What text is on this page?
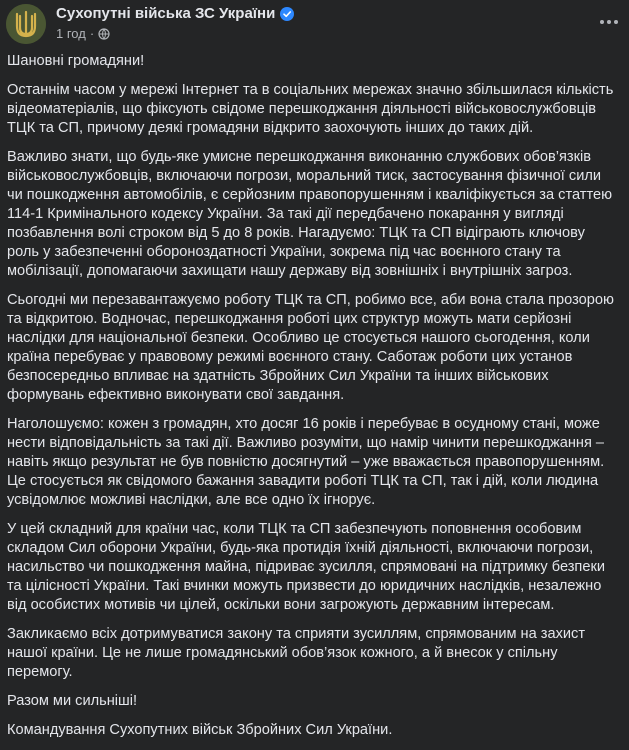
Сухопутні війська ЗС України
1 год ·

Шановні громадяни!

Останнім часом у мережі Інтернет та в соціальних мережах значно збільшилася кількість відеоматеріалів, що фіксують свідоме перешкоджання діяльності військовослужбовців ТЦК та СП, причому деякі громадяни відкрито заохочують інших до таких дій.

Важливо знати, що будь-яке умисне перешкоджання виконанню службових обов’язків військовослужбовців, включаючи погрози, моральний тиск, застосування фізичної сили чи пошкодження автомобілів, є серйозним правопорушенням і кваліфікується за статтею 114-1 Кримінального кодексу України. За такі дії передбачено покарання у вигляді позбавлення волі строком від 5 до 8 років. Нагадуємо: ТЦК та СП відіграють ключову роль у забезпеченні обороноздатності України, зокрема під час воєнного стану та мобілізації, допомагаючи захищати нашу державу від зовнішніх і внутрішніх загроз.

Сьогодні ми перезавантажуємо роботу ТЦК та СП, робимо все, аби вона стала прозорою та відкритою. Водночас, перешкоджання роботі цих структур можуть мати серйозні наслідки для національної безпеки. Особливо це стосується нашого сьогодення, коли країна перебуває у правовому режимі воєнного стану. Саботаж роботи цих установ безпосередньо впливає на здатність Збройних Сил України та інших військових формувань ефективно виконувати свої завдання.

Наголошуємо: кожен з громадян, хто досяг 16 років і перебуває в осудному стані, може нести відповідальність за такі дії. Важливо розуміти, що намір чинити перешкоджання – навіть якщо результат не був повністю досягнутий – уже вважається правопорушенням. Це стосується як свідомого бажання завадити роботі ТЦК та СП, так і дій, коли людина усвідомлює можливі наслідки, але все одно їх ігнорує.

У цей складний для країни час, коли ТЦК та СП забезпечують поповнення особовим складом Сил оборони України, будь-яка протидія їхній діяльності, включаючи погрози, насильство чи пошкодження майна, підриває зусилля, спрямовані на підтримку безпеки та цілісності України. Такі вчинки можуть призвести до юридичних наслідків, незалежно від особистих мотивів чи цілей, оскільки вони загрожують державним інтересам.

Закликаємо всіх дотримуватися закону та сприяти зусиллям, спрямованим на захист нашої країни. Це не лише громадянський обов’язок кожного, а й внесок у спільну перемогу.

Разом ми сильніші!

Командування Сухопутних військ Збройних Сил України.
